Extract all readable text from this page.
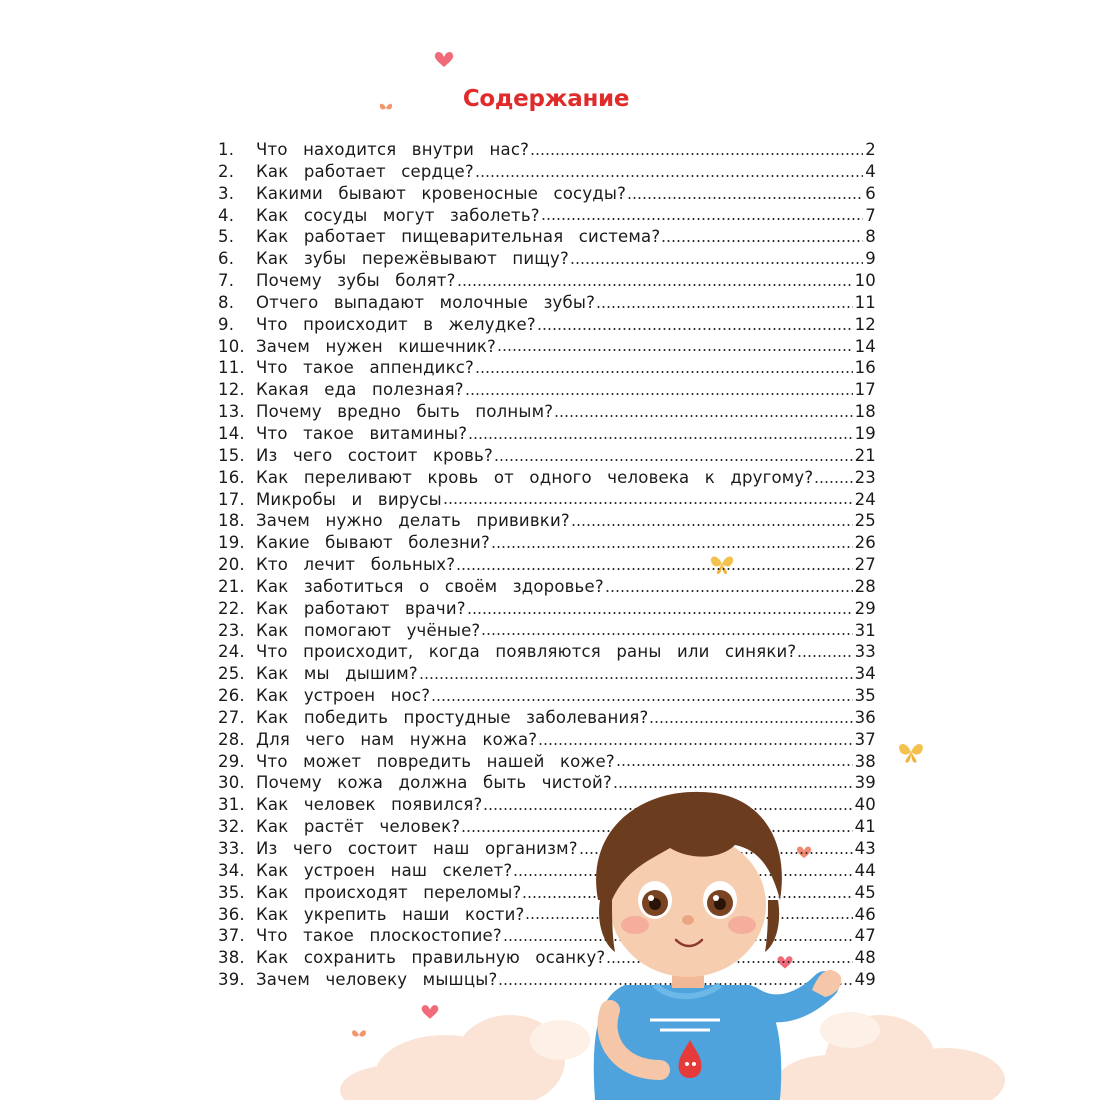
Содержание
1.	Что находится внутри нас?	2
2.	Как работает сердце?	4
3.	Какими бывают кровеносные сосуды?	6
4.	Как сосуды могут заболеть?	7
5.	Как работает пищеварительная система?	8
6.	Как зубы пережёвывают пищу?	9
7.	Почему зубы болят?	10
8.	Отчего выпадают молочные зубы?	11
9.	Что происходит в желудке?	12
10. Зачем нужен кишечник?	14
11. Что такое аппендикс?	16
12. Какая еда полезная?	17
13. Почему вредно быть полным?	18
14. Что такое витамины?	19
15. Из чего состоит кровь?	21
16. Как переливают кровь от одного человека к другому? 23
17. Микробы и вирусы	24
18. Зачем нужно делать прививки?	25
19. Какие бывают болезни?	26
20. Кто лечит больных?	27
21. Как заботиться о своём здоровье?	28
22. Как работают врачи?	29
23. Как помогают учёные?	31
24. Что происходит, когда появляются раны или синяки?	33
25. Как мы дышим?	34
26. Как устроен нос?	35
27. Как победить простудные заболевания?	36
28. Для чего нам нужна кожа?	37
29. Что может повредить нашей коже?	38
30. Почему кожа должна быть чистой?	39
31. Как человек появился?	40
32. Как растёт человек?	41
33. Из чего состоит наш организм?	43
34. Как устроен наш скелет?	44
35. Как происходят переломы?	45
36. Как укрепить наши кости?	46
37. Что такое плоскостопие?	47
38. Как сохранить правильную осанку?	48
39. Зачем человеку мышцы?	49
